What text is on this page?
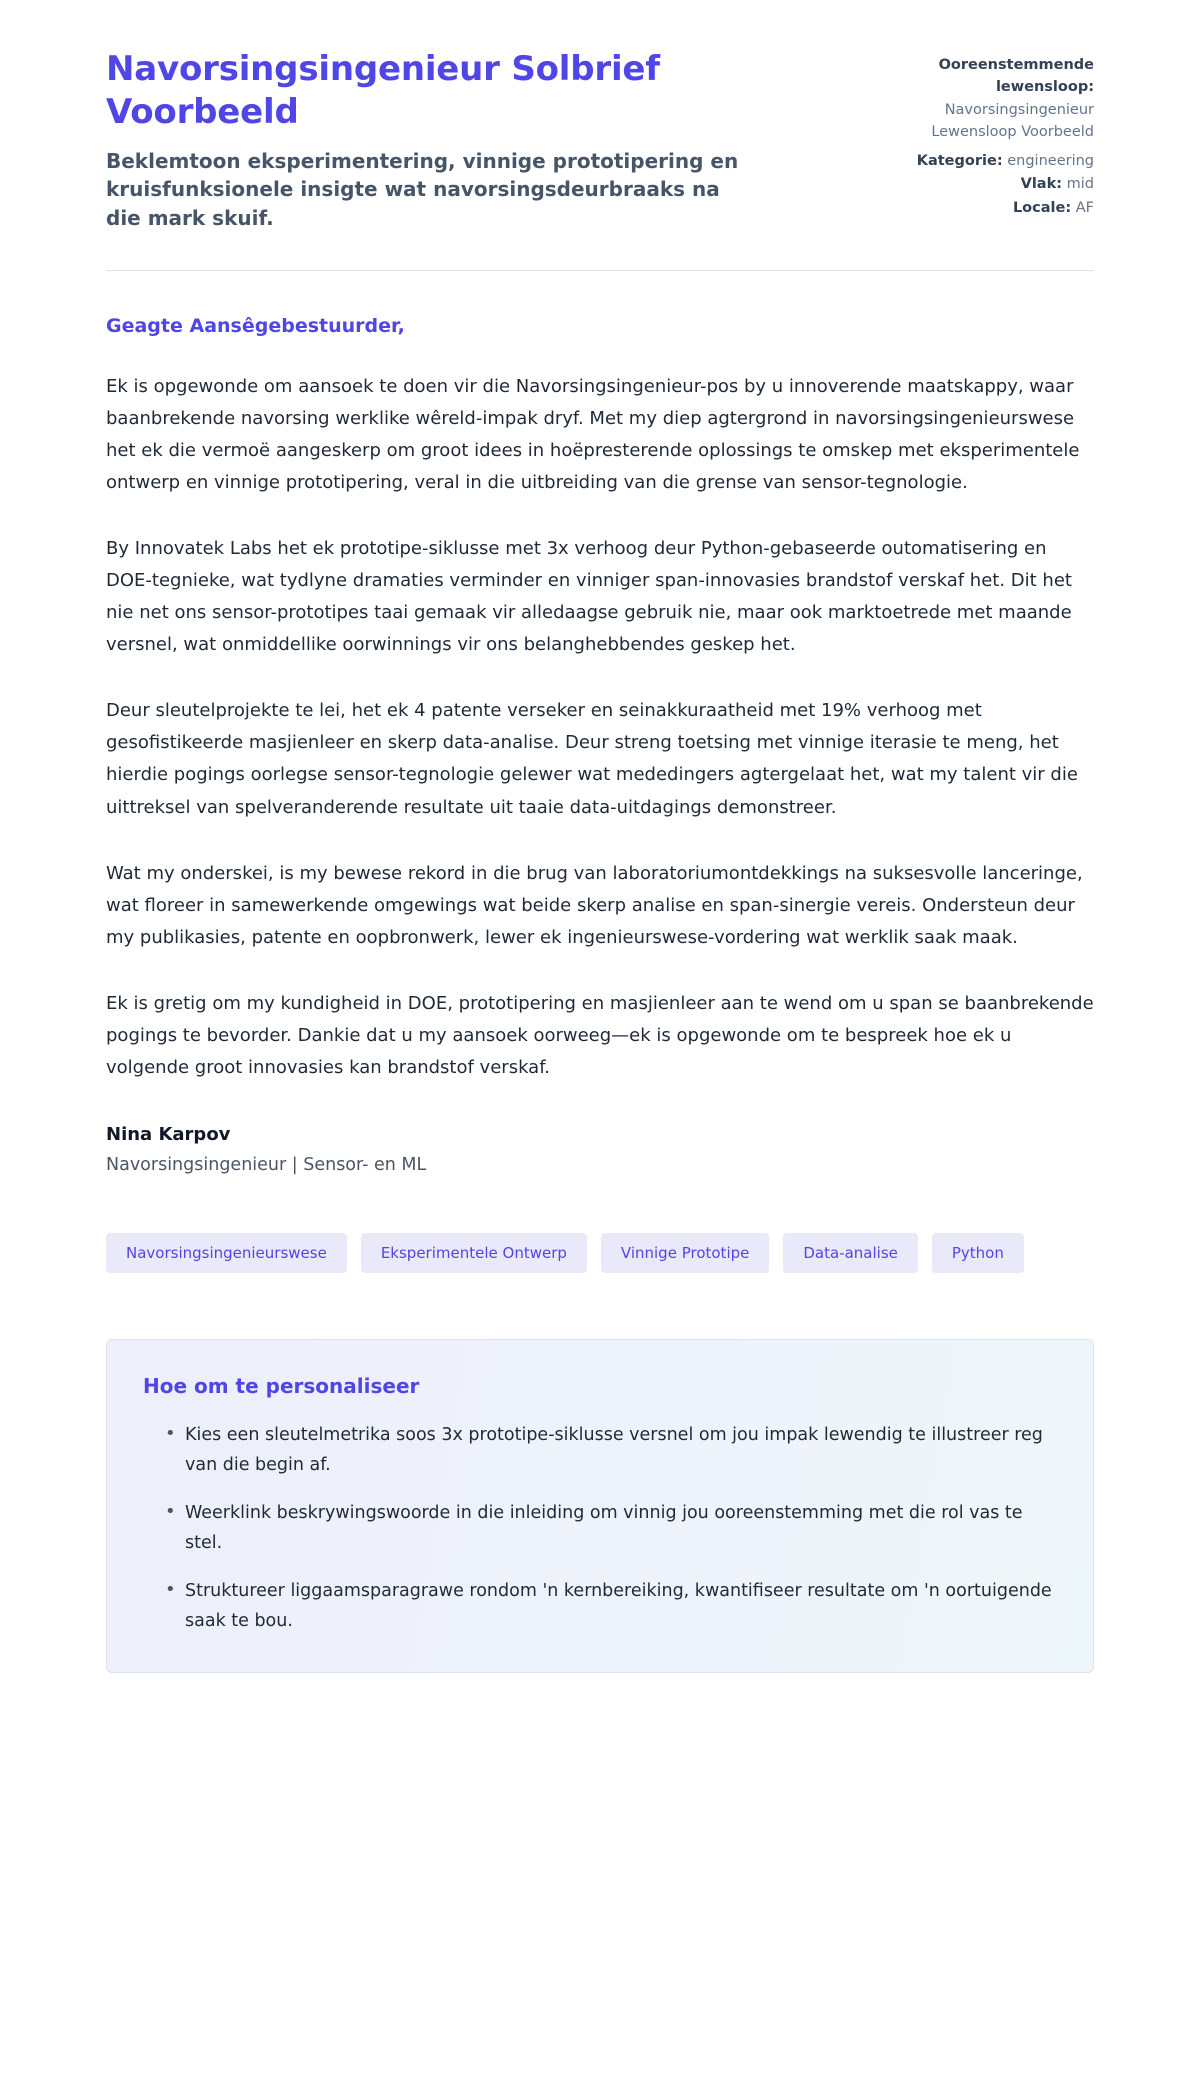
Navorsingsingenieur Solbrief Voorbeeld

Beklemtoon eksperimentering, vinnige prototipering en kruisfunksionele insigte wat navorsingsdeurbraaks na die mark skuif.

Ooreenstemmende lewensloop:
Navorsingsingenieur Lewensloop Voorbeeld
Kategorie: engineering
Vlak: mid
Locale: AF

Geagte Aansêgebestuurder,

Ek is opgewonde om aansoek te doen vir die Navorsingsingenieur-pos by u innoverende maatskappy, waar baanbrekende navorsing werklike wêreld-impak dryf. Met my diep agtergrond in navorsingsingenieurswese het ek die vermoë aangeskerp om groot idees in hoëpresterende oplossings te omskep met eksperimentele ontwerp en vinnige prototipering, veral in die uitbreiding van die grense van sensor-tegnologie.

By Innovatek Labs het ek prototipe-siklusse met 3x verhoog deur Python-gebaseerde outomatisering en DOE-tegnieke, wat tydlyne dramaties verminder en vinniger span-innovasies brandstof verskaf het. Dit het nie net ons sensor-prototipes taai gemaak vir alledaagse gebruik nie, maar ook marktoetrede met maande versnel, wat onmiddellike oorwinnings vir ons belanghebbendes geskep het.

Deur sleutelprojekte te lei, het ek 4 patente verseker en seinakkuraatheid met 19% verhoog met gesofistikeerde masjienleer en skerp data-analise. Deur streng toetsing met vinnige iterasie te meng, het hierdie pogings oorlegse sensor-tegnologie gelewer wat mededingers agtergelaat het, wat my talent vir die uittreksel van spelveranderende resultate uit taaie data-uitdagings demonstreer.

Wat my onderskei, is my bewese rekord in die brug van laboratoriumontdekkings na suksesvolle lanceringe, wat floreer in samewerkende omgewings wat beide skerp analise en span-sinergie vereis. Ondersteun deur my publikasies, patente en oopbronwerk, lewer ek ingenieurswese-vordering wat werklik saak maak.

Ek is gretig om my kundigheid in DOE, prototipering en masjienleer aan te wend om u span se baanbrekende pogings te bevorder. Dankie dat u my aansoek oorweeg—ek is opgewonde om te bespreek hoe ek u volgende groot innovasies kan brandstof verskaf.

Nina Karpov

Navorsingsingenieur | Sensor- en ML

Navorsingsingenieurswese	Eksperimentele Ontwerp	Vinnige Prototipe	Data-analise	Python
Hoe om te personaliseer
• Kies een sleutelmetrika soos 3x prototipe-siklusse versnel om jou impak lewendig te illustreer reg van die begin af.
• Weerklink beskrywingswoorde in die inleiding om vinnig jou ooreenstemming met die rol vas te stel.
• Struktureer liggaamsparagrawe rondom 'n kernbereiking, kwantifiseer resultate om 'n oortuigende saak te bou.
